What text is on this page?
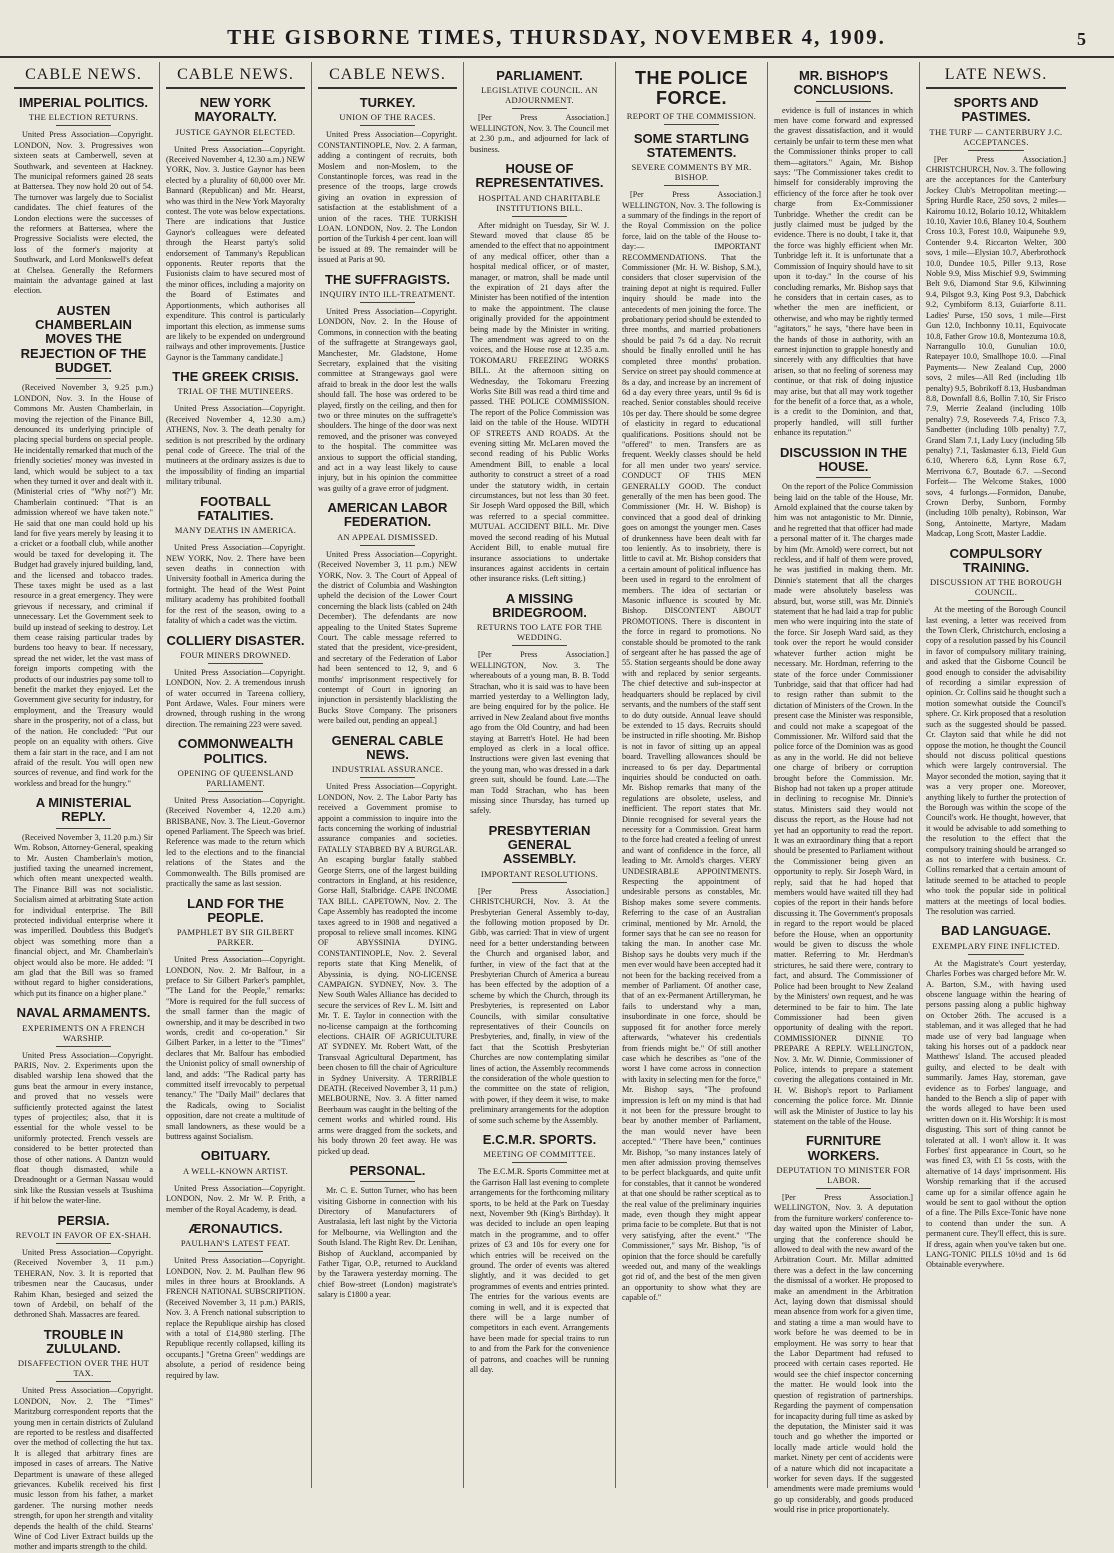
THE GISBORNE TIMES, THURSDAY, NOVEMBER 4, 1909.	5
CABLE NEWS.
IMPERIAL POLITICS.
THE ELECTION RETURNS.

United Press Association—Copyright. LONDON, Nov. 3. Progressives won sixteen seats at Camberwell, seven at Southwark, and seventeen at Hackney. The municipal reformers gained 28 seats at Battersea. They now hold 20 out of 54. The turnover was largely due to Socialist candidates. The chief features of the London elections were the successes of the reformers at Battersea, where the Progressive Socialists were elected, the loss of the former's majority at Southwark, and Lord Monkswell's defeat at Chelsea. Generally the Reformers maintain the advantage gained at last election.

AUSTEN CHAMBERLAIN MOVES THE REJECTION OF THE BUDGET.

(Received November 3, 9.25 p.m.) LONDON, Nov. 3. In the House of Commons Mr. Austen Chamberlain, in moving the rejection of the Finance Bill, denounced its underlying principle of placing special burdens on special people. He incidentally remarked that much of the friendly societies' money was invested in land, which would be subject to a tax when they turned it over and dealt with it. (Ministerial cries of "Why not?") Mr. Chamberlain continued: "That is an admission whereof we have taken note." He said that one man could hold up his land for five years merely by leasing it to a cricket or a football club, while another would be taxed for developing it. The Budget had gravely injured building, land, and the licensed and tobacco trades. These taxes might be used as a last resource in a great emergency. They were grievous if necessary, and criminal if unnecessary. Let the Government seek to build up instead of seeking to destroy. Let them cease raising particular trades by burdens too heavy to bear. If necessary, spread the net wider, let the vast mass of foreign imports competing with the products of our industries pay some toll to benefit the market they enjoyed. Let the Government give security for industry, for employment, and the Treasury would share in the prosperity, not of a class, but of the nation. He concluded: "Put our people on an equality with others. Give them a fair start in the race, and I am not afraid of the result. You will open new sources of revenue, and find work for the workless and bread for the hungry."

A MINISTERIAL REPLY.

(Received November 3, 11.20 p.m.) Sir Wm. Robson, Attorney-General, speaking to Mr. Austen Chamberlain's motion, justified taxing the unearned increment, which often meant unexpected wealth. The Finance Bill was not socialistic. Socialism aimed at arbitrating State action for individual enterprise. The Bill protected individual enterprise where it was imperilled. Doubtless this Budget's object was something more than a financial object, and Mr. Chamberlain's object would also be more. He added: "I am glad that the Bill was so framed without regard to higher considerations, which put its finance on a higher plane."

NAVAL ARMAMENTS.
EXPERIMENTS ON A FRENCH WARSHIP.

United Press Association—Copyright. PARIS, Nov. 2. Experiments upon the disabled warship Iena showed that the guns beat the armour in every instance, and proved that no vessels were sufficiently protected against the latest types of projectiles; also, that it is essential for the whole vessel to be uniformly protected. French vessels are considered to be better protected than those of other nations. A Dantzn would float though dismasted, while a Dreadnought or a German Nassau would sink like the Russian vessels at Tsushima if hit below the water-line.

PERSIA.
REVOLT IN FAVOR OF EX-SHAH.

United Press Association—Copyright. (Received November 3, 11 p.m.) TEHERAN, Nov. 3. It is reported that tribesmen near the Caucasus, under Rahim Khan, besieged and seized the town of Ardebil, on behalf of the dethroned Shah. Massacres are feared.

TROUBLE IN ZULULAND.
DISAFFECTION OVER THE HUT TAX.

United Press Association—Copyright. LONDON, Nov. 2. The "Times" Maritzburg correspondent reports that the young men in certain districts of Zululand are reported to be restless and disaffected over the method of collecting the hut tax. It is alleged that arbitrary fines are imposed in cases of arrears. The Native Department is unaware of these alleged grievances. Kubelik received his first music lesson from his father, a market gardener. The nursing mother needs strength, for upon her strength and vitality depends the health of the child. Stearns' Wine of Cod Liver Extract builds up the mother and imparts strength to the child.

CABLE NEWS.
NEW YORK MAYORALTY.
JUSTICE GAYNOR ELECTED.

United Press Association—Copyright. (Received November 4, 12.30 a.m.) NEW YORK, Nov. 3. Justice Gaynor has been elected by a plurality of 60,000 over Mr. Bannard (Republican) and Mr. Hearst, who was third in the New York Mayoralty contest. The vote was below expectations. There are indications that Justice Gaynor's colleagues were defeated through the Hearst party's solid endorsement of Tammany's Republican opponents. Reuter reports that the Fusionists claim to have secured most of the minor offices, including a majority on the Board of Estimates and Apportionments, which authorises all expenditure. This control is particularly important this election, as immense sums are likely to be expended on underground railways and other improvements. [Justice Gaynor is the Tammany candidate.]

THE GREEK CRISIS.
TRIAL OF THE MUTINEERS.

United Press Association—Copyright. (Received November 4, 12.30 a.m.) ATHENS, Nov. 3. The death penalty for sedition is not prescribed by the ordinary penal code of Greece. The trial of the mutineers at the ordinary assizes is due to the impossibility of finding an impartial military tribunal.

FOOTBALL FATALITIES.
MANY DEATHS IN AMERICA.

United Press Association—Copyright. NEW YORK, Nov. 2. There have been seven deaths in connection with University football in America during the fortnight. The head of the West Point military academy has prohibited football for the rest of the season, owing to a fatality of which a cadet was the victim.

COLLIERY DISASTER.
FOUR MINERS DROWNED.

United Press Association—Copyright. LONDON, Nov. 2. A tremendous inrush of water occurred in Tareena colliery, Pont Ardawe, Wales. Four miners were drowned, through rushing in the wrong direction. The remaining 223 were saved.

COMMONWEALTH POLITICS.
OPENING OF QUEENSLAND PARLIAMENT.

United Press Association—Copyright. (Received November 4, 12.20 a.m.) BRISBANE, Nov. 3. The Lieut.-Governor opened Parliament. The Speech was brief. Reference was made to the return which led to the elections and to the financial relations of the States and the Commonwealth. The Bills promised are practically the same as last session.

LAND FOR THE PEOPLE.
PAMPHLET BY SIR GILBERT PARKER.

United Press Association—Copyright. LONDON, Nov. 2. Mr Balfour, in a preface to Sir Gilbert Parker's pamphlet, "The Land for the People," remarks: "More is required for the full success of the small farmer than the magic of ownership, and it may be described in two words, credit and co-operation." Sir Gilbert Parker, in a letter to the "Times" declares that Mr. Balfour has embodied the Unionist policy of small ownership of land, and adds: "The Radical party has committed itself irrevocably to perpetual tenancy." The "Daily Mail" declares that the Radicals, owing to Socialist opposition, dare not create a multitude of small landowners, as these would be a buttress against Socialism.

OBITUARY.
A WELL-KNOWN ARTIST.

United Press Association—Copyright. LONDON, Nov. 2. Mr W. P. Frith, a member of the Royal Academy, is dead.

ÆRONAUTICS.
PAULHAN'S LATEST FEAT.

United Press Association—Copyright. LONDON, Nov. 2. M. Paulhan flew 96 miles in three hours at Brooklands. A FRENCH NATIONAL SUBSCRIPTION. (Received November 3, 11 p.m.) PARIS, Nov. 3. A French national subscription to replace the Republique airship has closed with a total of £14,980 sterling. [The Republique recently collapsed, killing its occupants.] "Gretna Green" weddings are absolute, a period of residence being required by law.

CABLE NEWS.
TURKEY.
UNION OF THE RACES.

United Press Association—Copyright. CONSTANTINOPLE, Nov. 2. A farman, adding a contingent of recruits, both Moslem and non-Moslem, to the Constantinople forces, was read in the presence of the troops, large crowds giving an ovation in expression of satisfaction at the establishment of a union of the races. THE TURKISH LOAN. LONDON, Nov. 2. The London portion of the Turkish 4 per cent. loan will be issued at 89. The remainder will be issued at Paris at 90.

THE SUFFRAGISTS.
INQUIRY INTO ILL-TREATMENT.

United Press Association—Copyright. LONDON, Nov. 2. In the House of Commons, in connection with the beating of the suffragette at Strangeways gaol, Manchester, Mr. Gladstone, Home Secretary, explained that the visiting committee at Strangeways gaol were afraid to break in the door lest the walls should fall. The hose was ordered to be played, firstly on the ceiling, and then for two or three minutes on the suffragette's shoulders. The hinge of the door was next removed, and the prisoner was conveyed to the hospital. The committee was anxious to support the official standing, and act in a way least likely to cause injury, but in his opinion the committee was guilty of a grave error of judgment.

AMERICAN LABOR FEDERATION.
AN APPEAL DISMISSED.

United Press Association—Copyright. (Received November 3, 11 p.m.) NEW YORK, Nov. 3. The Court of Appeal of the district of Columbia and Washington upheld the decision of the Lower Court concerning the black lists (cabled on 24th December). The defendants are now appealing to the United States Supreme Court. The cable message referred to stated that the president, vice-president, and secretary of the Federation of Labor had been sentenced to 12, 9, and 6 months' imprisonment respectively for contempt of Court in ignoring an injunction in persistently blacklisting the Bucks Stove Company. The prisoners were bailed out, pending an appeal.]

GENERAL CABLE NEWS.
INDUSTRIAL ASSURANCE.

United Press Association—Copyright. LONDON, Nov. 2. The Labor Party has received a Government promise to appoint a commission to inquire into the facts concerning the working of industrial assurance companies and societies. FATALLY STABBED BY A BURGLAR. An escaping burglar fatally stabbed George Sterrs, one of the largest building contractors in England, at his residence, Gorse Hall, Stalbridge. CAPE INCOME TAX BILL. CAPETOWN, Nov. 2. The Cape Assembly has readopted the income taxes agreed to in 1908 and negatived a proposal to relieve small incomes. KING OF ABYSSINIA DYING. CONSTANTINOPLE, Nov. 2. Several reports state that King Menelik, of Abyssinia, is dying. NO-LICENSE CAMPAIGN. SYDNEY, Nov. 3. The New South Wales Alliance has decided to secure the services of Rev L. M. Isitt and Mr. T. E. Taylor in connection with the no-license campaign at the forthcoming elections. CHAIR OF AGRICULTURE AT SYDNEY. Mr. Robert Watt, of the Transvaal Agricultural Department, has been chosen to fill the chair of Agriculture in Sydney University. A TERRIBLE DEATH. (Received November 3, 11 p.m.) MELBOURNE, Nov. 3. A fitter named Beerbaum was caught in the belting of the cement works and whirled round. His arms were dragged from the sockets, and his body thrown 20 feet away. He was picked up dead.

PERSONAL.

Mr. C. E. Sutton Turner, who has been visiting Gisborne in connection with his Directory of Manufacturers of Australasia, left last night by the Victoria for Melbourne, via Wellington and the South Island. The Right Rev. Dr. Lenihan, Bishop of Auckland, accompanied by Father Tigar, O.P., returned to Auckland by the Tarawera yesterday morning. The chief Bow-street (London) magistrate's salary is £1800 a year.

PARLIAMENT.
LEGISLATIVE COUNCIL. AN ADJOURNMENT.

[Per Press Association.] WELLINGTON, Nov. 3. The Council met at 2.30 p.m., and adjourned for lack of business.

HOUSE OF REPRESENTATIVES.
HOSPITAL AND CHARITABLE INSTITUTIONS BILL.

After midnight on Tuesday, Sir W. J. Steward moved that clause 85 be amended to the effect that no appointment of any medical officer, other than a hospital medical officer, or of master, manager, or matron, shall be made until the expiration of 21 days after the Minister has been notified of the intention to make the appointment. The clause originally provided for the appointment being made by the Minister in writing. The amendment was agreed to on the voices, and the House rose at 12.35 a.m. TOKOMARU FREEZING WORKS BILL. At the afternoon sitting on Wednesday, the Tokomaru Freezing Works Site Bill was read a third time and passed. THE POLICE COMMISSION. The report of the Police Commission was laid on the table of the House. WIDTH OF STREETS AND ROADS. At the evening sitting Mr. McLaren moved the second reading of his Public Works Amendment Bill, to enable a local authority to construct a street of a road under the statutory width, in certain circumstances, but not less than 30 feet. Sir Joseph Ward opposed the Bill, which was referred to a special committee. MUTUAL ACCIDENT BILL. Mr. Dive moved the second reading of his Mutual Accident Bill, to enable mutual fire insurance associations to undertake insurances against accidents in certain other insurance risks. (Left sitting.)

A MISSING BRIDEGROOM.
RETURNS TOO LATE FOR THE WEDDING.

[Per Press Association.] WELLINGTON, Nov. 3. The whereabouts of a young man, B. B. Todd Strachan, who it is said was to have been married yesterday to a Wellington lady, are being enquired for by the police. He arrived in New Zealand about five months ago from the Old Country, and had been staying at Barrett's Hotel. He had been employed as clerk in a local office. Instructions were given last evening that the young man, who was dressed in a dark green suit, should be found. Late.—The man Todd Strachan, who has been missing since Thursday, has turned up safely.

PRESBYTERIAN GENERAL ASSEMBLY.
IMPORTANT RESOLUTIONS.

[Per Press Association.] CHRISTCHURCH, Nov. 3. At the Presbyterian General Assembly to-day, the following motion proposed by Dr. Gibb, was carried: That in view of urgent need for a better understanding between the Church and organised labor, and further, in view of the fact that at the Presbyterian Church of America a bureau has been effected by the adoption of a scheme by which the Church, through its Presbyteries, is represented on Labor Councils, with similar consultative representatives of their Councils on Presbyteries, and, finally, in view of the fact that the Scottish Presbyterian Churches are now contemplating similar lines of action, the Assembly recommends the consideration of the whole question to the committee on the state of religion, with power, if they deem it wise, to make preliminary arrangements for the adoption of some such scheme by the Assembly.

E.C.M.R. SPORTS.
MEETING OF COMMITTEE.

The E.C.M.R. Sports Committee met at the Garrison Hall last evening to complete arrangements for the forthcoming military sports, to be held at the Park on Tuesday next, November 9th (King's Birthday). It was decided to include an open leaping match in the programme, and to offer prizes of £3 and 10s for every one for which entries will be received on the ground. The order of events was altered slightly, and it was decided to get programmes of events and entries printed. The entries for the various events are coming in well, and it is expected that there will be a large number of competitors in each event. Arrangements have been made for special trains to run to and from the Park for the convenience of patrons, and coaches will be running all day.

THE POLICE FORCE.
REPORT OF THE COMMISSION.
SOME STARTLING STATEMENTS.
SEVERE COMMENTS BY MR. BISHOP.

[Per Press Association.] WELLINGTON, Nov. 3. The following is a summary of the findings in the report of the Royal Commission on the police force, laid on the table of the House to-day:— IMPORTANT RECOMMENDATIONS. That the Commissioner (Mr. H. W. Bishop, S.M.), considers that closer supervision of the training depot at night is required. Fuller inquiry should be made into the antecedents of men joining the force. The probationary period should be extended to three months, and married probationers should be paid 7s 6d a day. No recruit should be finally enrolled until he has completed three months' probation. Service on street pay should commence at 8s a day, and increase by an increment of 6d a day every three years, until 9s 6d is reached. Senior constables should receive 10s per day. There should be some degree of elasticity in regard to educational qualifications. Positions should not be "offered" to men. Transfers are as frequent. Weekly classes should be held for all men under two years' service. CONDUCT OF THIS MEN GENERALLY GOOD. The conduct generally of the men has been good. The Commissioner (Mr. H. W. Bishop) is convinced that a good deal of drinking goes on amongst the younger men. Cases of drunkenness have been dealt with far too leniently. As to insobriety, there is little to cavil at. Mr. Bishop considers that a certain amount of political influence has been used in regard to the enrolment of members. The idea of sectarian or Masonic influence is scouted by Mr. Bishop. DISCONTENT ABOUT PROMOTIONS. There is discontent in the force in regard to promotions. No constable should be promoted to the rank of sergeant after he has passed the age of 55. Station sergeants should be done away with and replaced by senior sergeants. The chief detective and sub-inspector at headquarters should be replaced by civil servants, and the numbers of the staff sent to do duty outside. Annual leave should be extended to 15 days. Recruits should be instructed in rifle shooting. Mr. Bishop is not in favor of sitting up an appeal board. Travelling allowances should be increased to 6s per day. Departmental inquiries should be conducted on oath. Mr. Bishop remarks that many of the regulations are obsolete, useless, and inefficient. The report states that Mr. Dinnie recognised for several years the necessity for a Commission. Great harm to the force had created a feeling of unrest and want of confidence in the force, all leading to Mr. Arnold's charges. VERY UNDESIRABLE APPOINTMENTS. Respecting the appointment of undesirable persons as constables, Mr. Bishop makes some severe comments. Referring to the case of an Australian criminal, mentioned by Mr. Arnold, the former says that he can see no reason for taking the man. In another case Mr. Bishop says he doubts very much if the men ever would have been accepted had it not been for the backing received from a member of Parliament. Of another case, that of an ex-Permanent Artilleryman, he fails to understand why a man, insubordinate in one force, should be supposed fit for another force merely afterwards, "whatever his credentials from friends might be." Of still another case which he describes as "one of the worst I have come across in connection with laxity in selecting men for the force," Mr. Bishop says, "The profound impression is left on my mind is that had it not been for the pressure brought to bear by another member of Parliament, the man would never have been accepted." "There have been," continues Mr. Bishop, "so many instances lately of men after admission proving themselves to be perfect blackguards, and quite unfit for constables, that it cannot be wondered at that one should be rather sceptical as to the real value of the preliminary inquiries made, even though they might appear prima facie to be complete. But that is not very satisfying, after the event." "The Commissioner," says Mr. Bishop, "is of opinion that the force should be carefully weeded out, and many of the weaklings got rid of, and the best of the men given an opportunity to show what they are capable of."

MR. BISHOP'S CONCLUSIONS.

evidence is full of instances in which men have come forward and expressed the gravest dissatisfaction, and it would certainly be unfair to term these men what the Commissioner thinks proper to call them—agitators." Again, Mr. Bishop says: "The Commissioner takes credit to himself for considerably improving the efficiency of the force after he took over charge from Ex-Commissioner Tunbridge. Whether the credit can be justly claimed must be judged by the evidence. There is no doubt, I take it, that the force was highly efficient when Mr. Tunbridge left it. It is unfortunate that a Commission of Inquiry should have to sit upon it to-day." In the course of his concluding remarks, Mr. Bishop says that he considers that in certain cases, as to whether the men are inefficient, or otherwise, and who may be rightly termed "agitators," he says, "there have been in the hands of those in authority, with an earnest injunction to grapple honestly and sincerely with any difficulties that have arisen, so that no feeling of soreness may continue, or that risk of doing injustice may arise, but that all may work together for the benefit of a force that, as a whole, is a credit to the Dominion, and that, properly handled, will still further enhance its reputation."

DISCUSSION IN THE HOUSE.

On the report of the Police Commission being laid on the table of the House, Mr. Arnold explained that the course taken by him was not antagonistic to Mr. Dinnie, and he regretted that that officer had made a personal matter of it. The charges made by him (Mr. Arnold) were correct, but not reckless, and if half of them were proved, he was justified in making them. Mr. Dinnie's statement that all the charges made were absolutely baseless was absurd, but, worse still, was Mr. Dinnie's statement that he had laid a trap for public men who were inquiring into the state of the force. Sir Joseph Ward said, as they took over the report he would consider whatever further action might be necessary. Mr. Hordman, referring to the state of the force under Commissioner Tunbridge, said that that officer had had to resign rather than submit to the dictation of Ministers of the Crown. In the present case the Minister was responsible, and could not make a scapegoat of the Commissioner. Mr. Wilford said that the police force of the Dominion was as good as any in the world. He did not believe one charge of bribery or corruption brought before the Commission. Mr. Bishop had not taken up a proper attitude in declining to recognise Mr. Dinnie's status. Ministers said they would not discuss the report, as the House had not yet had an opportunity to read the report. It was an extraordinary thing that a report should be presented to Parliament without the Commissioner being given an opportunity to reply. Sir Joseph Ward, in reply, said that he had hoped that members would have waited till they had copies of the report in their hands before discussing it. The Government's proposals in regard to the report would be placed before the House, when an opportunity would be given to discuss the whole matter. Referring to Mr. Herdman's strictures, he said there were, contrary to fact, and absurd. The Commissioner of Police had been brought to New Zealand by the Ministers' own request, and he was determined to be fair to him. The late Commissioner had been given opportunity of dealing with the report. COMMISSIONER DINNIE TO PREPARE A REPLY. WELLINGTON, Nov. 3. Mr. W. Dinnie, Commissioner of Police, intends to prepare a statement covering the allegations contained in Mr. H. W. Bishop's report to Parliament concerning the police force. Mr. Dinnie will ask the Minister of Justice to lay his statement on the table of the House.

FURNITURE WORKERS.
DEPUTATION TO MINISTER FOR LABOR.

[Per Press Association.] WELLINGTON, Nov. 3. A deputation from the furniture workers' conference to-day waited upon the Minister of Labor, urging that the conference should be allowed to deal with the new award of the Arbitration Court. Mr. Millar admitted there was a defect in the law concerning the dismissal of a worker. He proposed to make an amendment in the Arbitration Act, laying down that dismissal should mean absence from work for a given time, and stating a time a man would have to work before he was deemed to be in employment. He was sorry to hear that the Labor Department had refused to proceed with certain cases reported. He would see the chief inspector concerning the matter. He would look into the question of registration of partnerships. Regarding the payment of compensation for incapacity during full time as asked by the deputation, the Minister said it was touch and go whether the imported or locally made article would hold the market. Ninety per cent of accidents were of a nature which did not incapacitate a worker for seven days. If the suggested amendments were made premiums would go up considerably, and goods produced would rise in price proportionately.

LATE NEWS.
SPORTS AND PASTIMES.
THE TURF — CANTERBURY J.C. ACCEPTANCES.

[Per Press Association.] CHRISTCHURCH, Nov. 3. The following are the acceptances for the Canterbury Jockey Club's Metropolitan meeting:— Spring Hurdle Race, 250 sovs, 2 miles—Kairomu 10.12, Bolario 10.12, Whitaklem 10.10, Xavier 10.6, Blaney 10.4, Southern Cross 10.3, Forest 10.0, Waipunehe 9.9, Contender 9.4. Riccarton Welter, 300 sovs, 1 mile—Elysian 10.7, Aberbrothock 10.0, Dundee 10.5, Piller 9.13, Rose Noble 9.9, Miss Mischief 9.9, Swimming Belt 9.6, Diamond Star 9.6, Kilwinning 9.4, Pilsgot 9.3, King Post 9.3, Dabchick 9.2, Cymbiform 8.13, Guiarforte 8.11. Ladies' Purse, 150 sovs, 1 mile—First Gun 12.0, Inchbonny 10.11, Equivocate 10.8, Father Grow 10.8, Montezuma 10.8, Narrangullo 10.0, Gunulian 10.0, Ratepayer 10.0, Smallhope 10.0. —Final Payments— New Zealand Cup, 2000 sovs, 2 miles—All Red (including 1lb penalty) 9.5, Bobrikoff 8.13, Husbandman 8.8, Downfall 8.6, Bollin 7.10, Sir Frisco 7.9, Merrie Zealand (including 10lb penalty) 7.9, Roseveeds 7.4, Frisco 7.3, Sandbetter (including 10lb penalty) 7.7, Grand Slam 7.1, Lady Lucy (including 5lb penalty) 7.1, Taskmaster 6.13, Field Gun 6.10, Wherero 6.8, Lynn Rose 6.7, Merrivona 6.7, Boutade 6.7. —Second Forfeit— The Welcome Stakes, 1000 sovs, 4 furlongs.—Formidon, Danube, Crown Derby, Sunborn, Formby (including 10lb penalty), Robinson, War Song, Antoinette, Martyre, Madam Madcap, Long Scott, Master Laddie.

COMPULSORY TRAINING.
DISCUSSION AT THE BOROUGH COUNCIL.

At the meeting of the Borough Council last evening, a letter was received from the Town Clerk, Christchurch, enclosing a copy of a resolution passed by his Council in favor of compulsory military training, and asked that the Gisborne Council be good enough to consider the advisability of recording a similar expression of opinion. Cr. Collins said he thought such a motion somewhat outside the Council's sphere. Cr. Kirk proposed that a resolution such as the suggested should be passed. Cr. Clayton said that while he did not oppose the motion, he thought the Council should not discuss political questions which were largely controversial. The Mayor seconded the motion, saying that it was a very proper one. Moreover, anything likely to further the protection of the Borough was within the scope of the Council's work. He thought, however, that it would be advisable to add something to the resolution to the effect that the compulsory training should be arranged so as not to interfere with business. Cr. Collins remarked that a certain amount of latitude seemed to be attached to people who took the popular side in political matters at the meetings of local bodies. The resolution was carried.

BAD LANGUAGE.
EXEMPLARY FINE INFLICTED.

At the Magistrate's Court yesterday, Charles Forbes was charged before Mr. W. A. Barton, S.M., with having used obscene language within the hearing of persons passing along a public highway on October 26th. The accused is a stableman, and it was alleged that he had made use of very bad language when taking his horses out of a paddock near Matthews' Island. The accused pleaded guilty, and elected to be dealt with summarily. James Hay, storeman, gave evidence as to Forbes' language, and handed to the Bench a slip of paper with the words alleged to have been used written down on it. His Worship: It is most disgusting. This sort of thing cannot be tolerated at all. I won't allow it. It was Forbes' first appearance in Court, so he was fined £3, with £1 5s costs, with the alternative of 14 days' imprisonment. His Worship remarking that if the accused came up for a similar offence again he would be sent to gaol without the option of a fine. The Pills Exce-Tonic have none to contend than under the sun. A permanent cure. They'll effect, this is sure. If dress, again when you've taken but one. LANG-TONIC PILLS 10½d and 1s 6d Obtainable everywhere.
